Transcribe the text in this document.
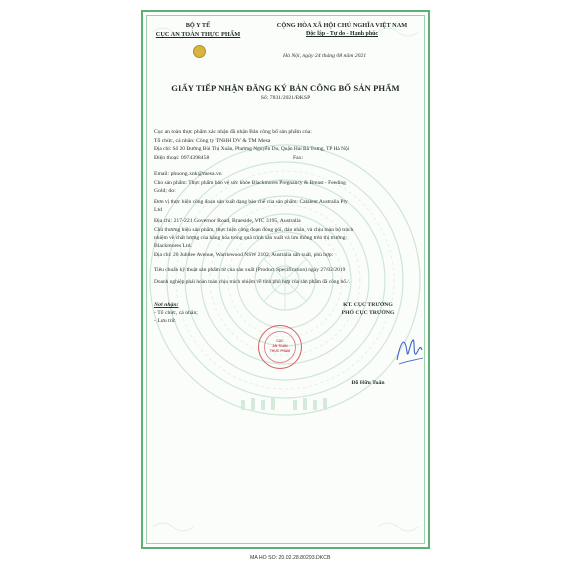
BỘ Y TẾ
CỤC AN TOÀN THỰC PHẨM
CỘNG HÒA XÃ HỘI CHỦ NGHĨA VIỆT NAM
Độc lập - Tự do - Hạnh phúc
Hà Nội, ngày 24 tháng 08 năm 2021
GIẤY TIẾP NHẬN ĐĂNG KÝ BẢN CÔNG BỐ SẢN PHẨM
Số: 7831/2021/ĐKSP
Cục an toàn thực phẩm xác nhận đã nhận Bản công bố sản phẩm của:
Tổ chức, cá nhân: Công ty TNHH DV & TM Mesa
Địa chỉ: Số 20 Đường Bùi Thị Xuân, Phường Nguyễn Du, Quận Hai Bà Trưng, TP Hà Nội
Điện thoại: 0974398458	Fax:
Email: phuong.xnk@mesa.vn
Cho sản phẩm: Thực phẩm bảo vệ sức khỏe Blackmores Pregnancy & Breast - Feeding
Gold; do:
Đơn vị thực hiện công đoạn sản xuất dạng bào chế của sản phẩm: Catalent Australia Pty
Ltd
Địa chỉ: 217-221 Governor Road, Braeside, VIC 3195, Australia
Chủ thương hiệu sản phẩm, thực hiện công đoạn đóng gói, dán nhãn, và chịu toàn bộ trách
nhiệm về chất lượng của hàng hóa trong quá trình sản xuất và lưu thông trên thị trường:
Blackmores Ltd.
Địa chỉ: 20 Jubilee Avenue, Warriewood NSW 2102, Australia sản xuất, phù hợp:
Tiêu chuẩn kỹ thuật sản phẩm từ của sản xuất (Product Specification) ngày 27/02/2019
Doanh nghiệp phải hoàn toàn chịu trách nhiệm về tính phù hợp của sản phẩm đã công bố./.
Nơi nhận:
- Tổ chức, cá nhân;
- Lưu trữ.
KT. CỤC TRƯỞNG
PHÓ CỤC TRƯỞNG
Đỗ Hữu Tuấn
CỤC
AN TOÀN
THỰC PHẨM
MA HO SO: 20.02.28.80293.DKCB
